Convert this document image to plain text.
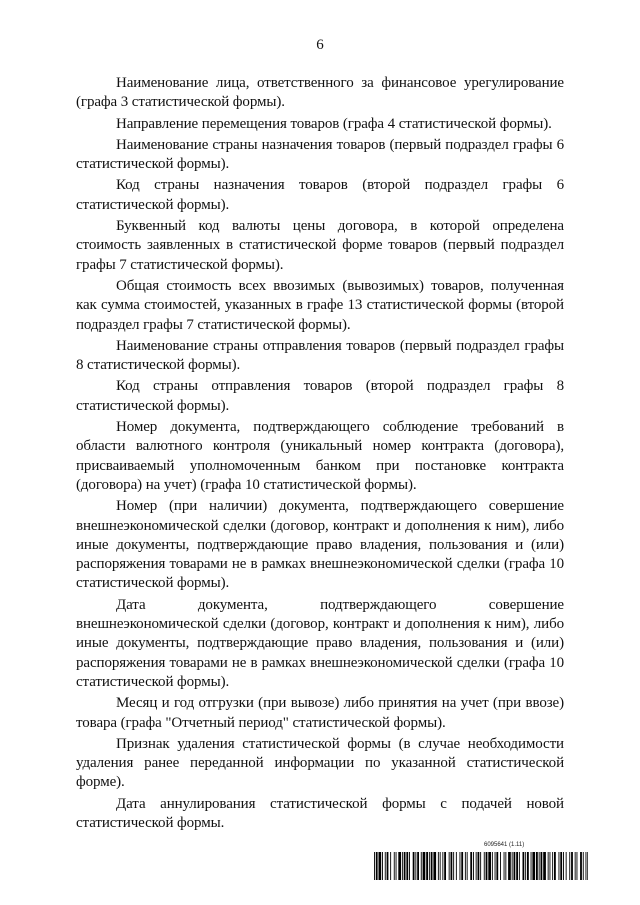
6

Наименование лица, ответственного за финансовое урегулирование (графа 3 статистической формы).

Направление перемещения товаров (графа 4 статистической формы).

Наименование страны назначения товаров (первый подраздел графы 6 статистической формы).

Код страны назначения товаров (второй подраздел графы 6 статистической формы).

Буквенный код валюты цены договора, в которой определена стоимость заявленных в статистической форме товаров (первый подраздел графы 7 статистической формы).

Общая стоимость всех ввозимых (вывозимых) товаров, полученная как сумма стоимостей, указанных в графе 13 статистической формы (второй подраздел графы 7 статистической формы).

Наименование страны отправления товаров (первый подраздел графы 8 статистической формы).

Код страны отправления товаров (второй подраздел графы 8 статистической формы).

Номер документа, подтверждающего соблюдение требований в области валютного контроля (уникальный номер контракта (договора), присваиваемый уполномоченным банком при постановке контракта (договора) на учет) (графа 10 статистической формы).

Номер (при наличии) документа, подтверждающего совершение внешнеэкономической сделки (договор, контракт и дополнения к ним), либо иные документы, подтверждающие право владения, пользования и (или) распоряжения товарами не в рамках внешнеэкономической сделки (графа 10 статистической формы).

Дата документа, подтверждающего совершение внешнеэкономической сделки (договор, контракт и дополнения к ним), либо иные документы, подтверждающие право владения, пользования и (или) распоряжения товарами не в рамках внешнеэкономической сделки (графа 10 статистической формы).

Месяц и год отгрузки (при вывозе) либо принятия на учет (при ввозе) товара (графа "Отчетный период" статистической формы).

Признак удаления статистической формы (в случае необходимости удаления ранее переданной информации по указанной статистической форме).

Дата аннулирования статистической формы с подачей новой статистической формы.

6095641 (1.11)
